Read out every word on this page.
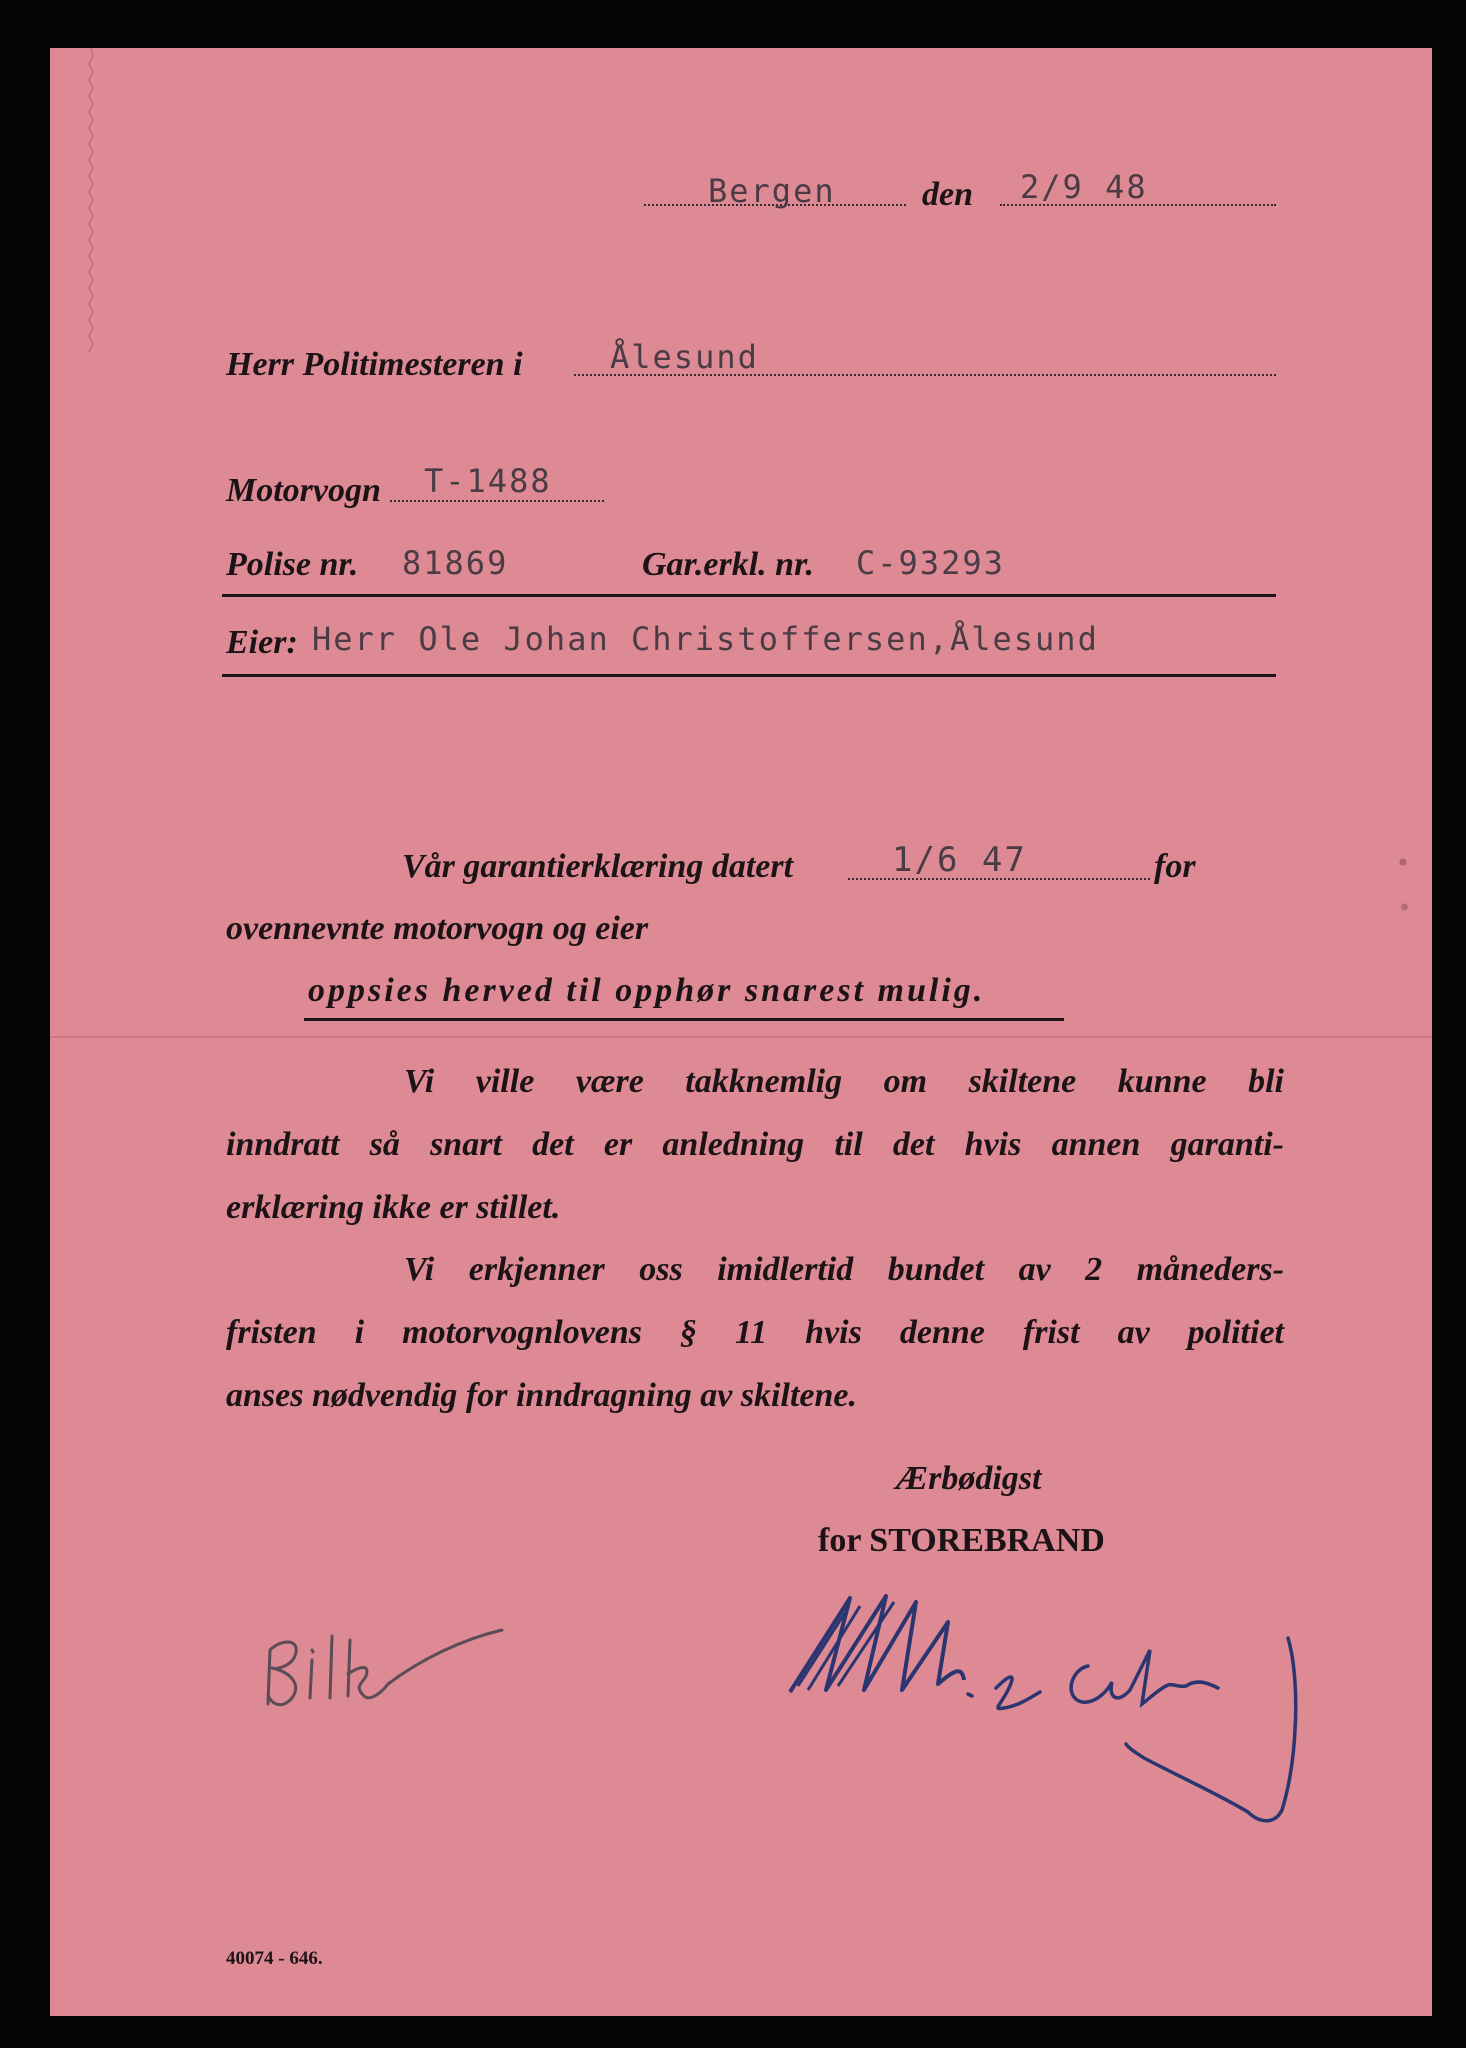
Bergen	den 2/9 48
Herr Politimesteren i	Ålesund
Motorvogn T-1488
Polise nr. 81869	Gar.erkl. nr. C-93293
Eier: Herr Ole Johan Christoffersen,Ålesund
Vår garantierklæring datert	1/6 47	for
ovennevnte motorvogn og eier
oppsies herved til opphør snarest mulig.
Vi ville være takknemlig om skiltene kunne bli
inndratt så snart det er anledning til det hvis annen garanti-
erklæring ikke er stillet.
Vi erkjenner oss imidlertid bundet av 2 måneders-
fristen i motorvognlovens § 11 hvis denne frist av politiet
anses nødvendig for inndragning av skiltene.
Ærbødigst
for STOREBRAND
40074 - 646.
